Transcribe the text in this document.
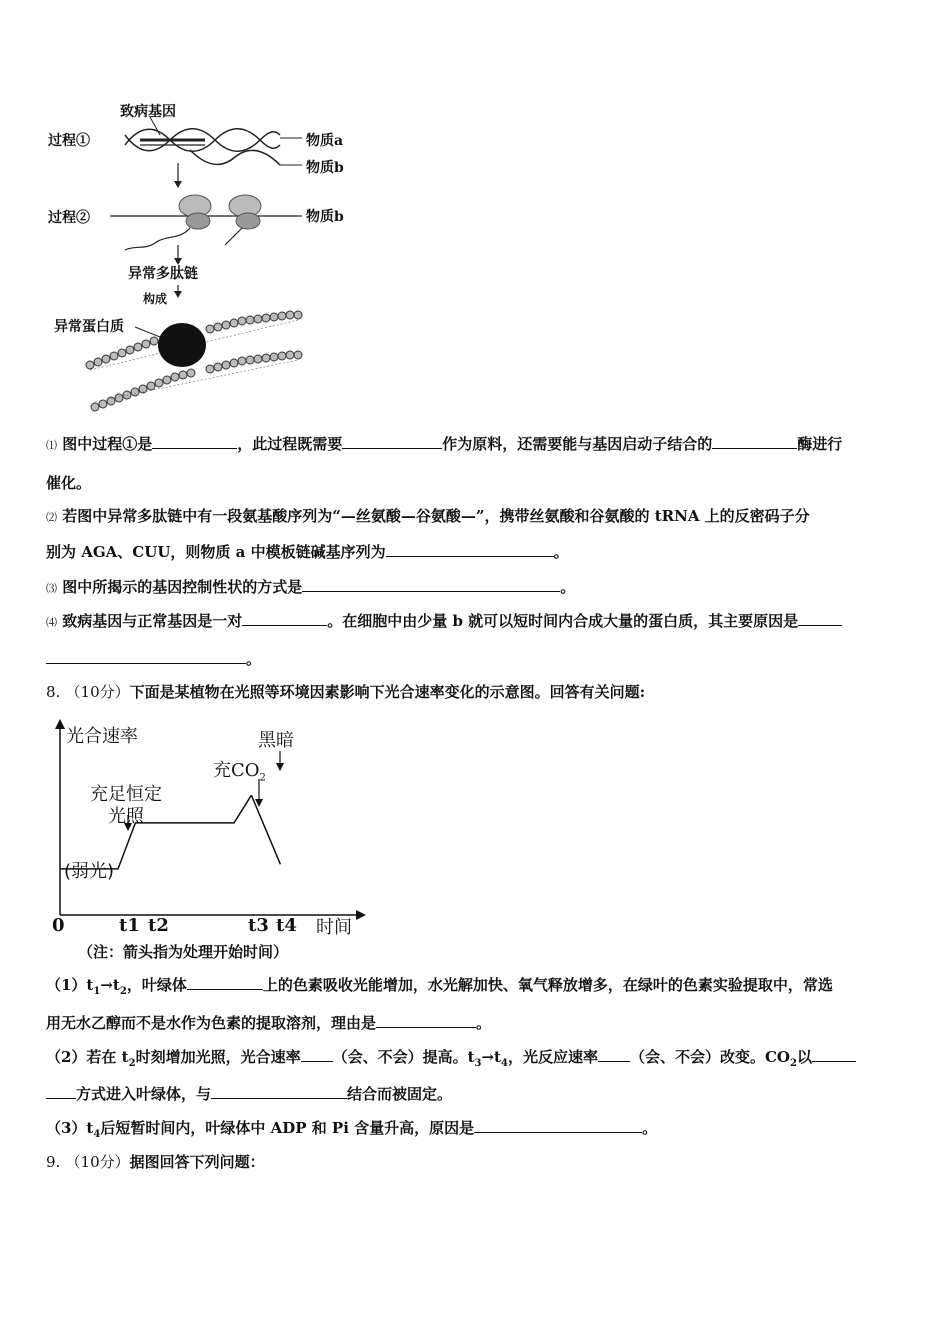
致病基因
过程①	物质a
物质b
过程②	物质b
异常多肽链
构成
异常蛋白质
⑴ 图中过程①是	，此过程既需要	作为原料，还需要能与基因启动子结合的	酶进行
催化。
⑵ 若图中异常多肽链中有一段氨基酸序列为“—丝氨酸—谷氨酸—”，携带丝氨酸和谷氨酸的 tRNA 上的反密码子分
别为 AGA、CUU，则物质 a 中模板链碱基序列为	。
⑶ 图中所揭示的基因控制性状的方式是	。
⑷ 致病基因与正常基因是一对	。在细胞中由少量 b 就可以短时间内合成大量的蛋白质，其主要原因是
。
8. （10分）下面是某植物在光照等环境因素影响下光合速率变化的示意图。回答有关问题:
光合速率	黑暗
充$CO_2$
充足恒定
光照
(弱光)
0	t1 t2	t3 t4 时间
（注：箭头指为处理开始时间）
$(1)t_1\to t_2$，叶绿体	上的色素吸收光能增加，水光解加快、氧气释放增多，在绿叶的色素实验提取中，常选
用无水乙醇而不是水作为色素的提取溶剂，理由是	。
（2）若在 $t_2$时刻增加光照，光合速率 （会、不会）提高。$t_3\to t_4$，光反应速率 （会、不会）改变。$CO_2$以
方式进入叶绿体，与	结合而被固定。
$(3)t_4$后短暂时间内，叶绿体中 ADP 和 Pi 含量升高，原因是	。
9. （10分）据图回答下列问题：
